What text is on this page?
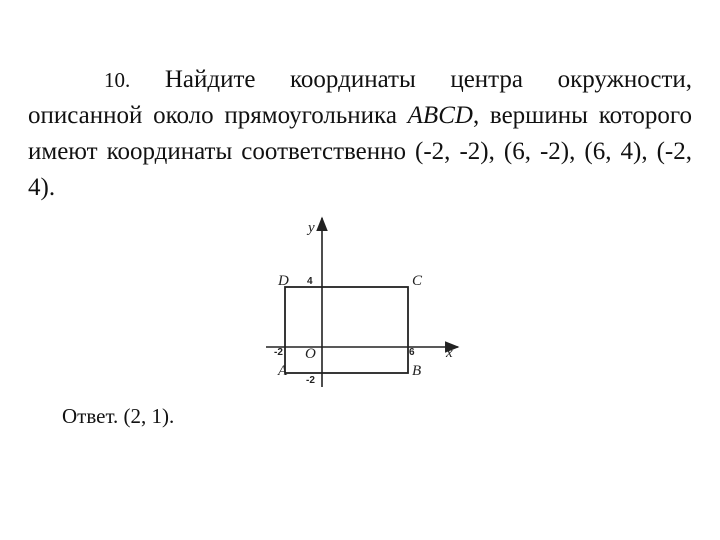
10. Найдите координаты центра окружности, описанной около прямоугольника ABCD, вершины которого имеют координаты соответственно (-2, -2), (6, -2), (6, 4), (-2, 4).

y
x
D 4	C
-2 O	6
A	B
-2

Ответ. (2, 1).
